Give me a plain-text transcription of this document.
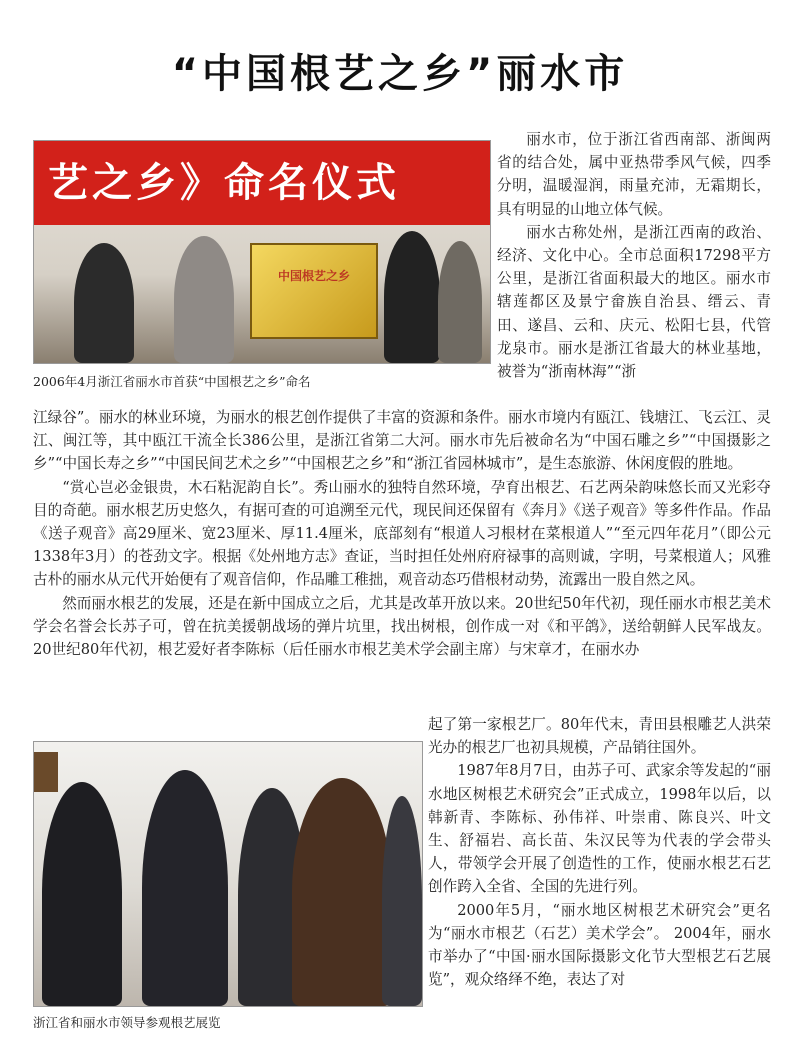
“中国根艺之乡”丽水市
艺之乡》命名仪式
中国根艺之乡
2006年4月浙江省丽水市首获“中国根艺之乡”命名

丽水市，位于浙江省西南部、浙闽两省的结合处，属中亚热带季风气候，四季分明，温暖湿润，雨量充沛，无霜期长，具有明显的山地立体气候。

丽水古称处州，是浙江西南的政治、经济、文化中心。全市总面积17298平方公里，是浙江省面积最大的地区。丽水市辖莲都区及景宁畲族自治县、缙云、青田、遂昌、云和、庆元、松阳七县，代管龙泉市。丽水是浙江省最大的林业基地，被誉为“浙南林海”“浙

江绿谷”。丽水的林业环境，为丽水的根艺创作提供了丰富的资源和条件。丽水市境内有瓯江、钱塘江、飞云江、灵江、闽江等，其中瓯江干流全长386公里，是浙江省第二大河。丽水市先后被命名为“中国石雕之乡”“中国摄影之乡”“中国长寿之乡”“中国民间艺术之乡”“中国根艺之乡”和“浙江省园林城市”，是生态旅游、休闲度假的胜地。

“赏心岂必金银贵，木石粘泥韵自长”。秀山丽水的独特自然环境，孕育出根艺、石艺两朵韵味悠长而又光彩夺目的奇葩。丽水根艺历史悠久，有据可查的可追溯至元代，现民间还保留有《奔月》《送子观音》等多件作品。作品《送子观音》高29厘米、宽23厘米、厚11.4厘米，底部刻有“根道人习根材在菜根道人”“至元四年花月”（即公元1338年3月）的苍劲文字。根据《处州地方志》查证，当时担任处州府府禄事的高则诚，字明，号菜根道人；风雅古朴的丽水从元代开始便有了观音信仰，作品雕工稚拙，观音动态巧借根材动势，流露出一股自然之风。

然而丽水根艺的发展，还是在新中国成立之后，尤其是改革开放以来。20世纪50年代初，现任丽水市根艺美术学会名誉会长苏子可，曾在抗美援朝战场的弹片坑里，找出树根，创作成一对《和平鸽》，送给朝鲜人民军战友。20世纪80年代初，根艺爱好者李陈标（后任丽水市根艺美术学会副主席）与宋章才，在丽水办

浙江省和丽水市领导参观根艺展览

起了第一家根艺厂。80年代末，青田县根雕艺人洪荣光办的根艺厂也初具规模，产品销往国外。

1987年8月7日，由苏子可、武家余等发起的“丽水地区树根艺术研究会”正式成立，1998年以后，以韩新青、李陈标、孙伟祥、叶崇甫、陈良兴、叶文生、舒福岩、高长苗、朱汉民等为代表的学会带头人，带领学会开展了创造性的工作，使丽水根艺石艺创作跨入全省、全国的先进行列。

2000年5月，“丽水地区树根艺术研究会”更名为“丽水市根艺（石艺）美术学会”。 2004年，丽水市举办了“中国·丽水国际摄影文化节大型根艺石艺展览”，观众络绎不绝，表达了对
